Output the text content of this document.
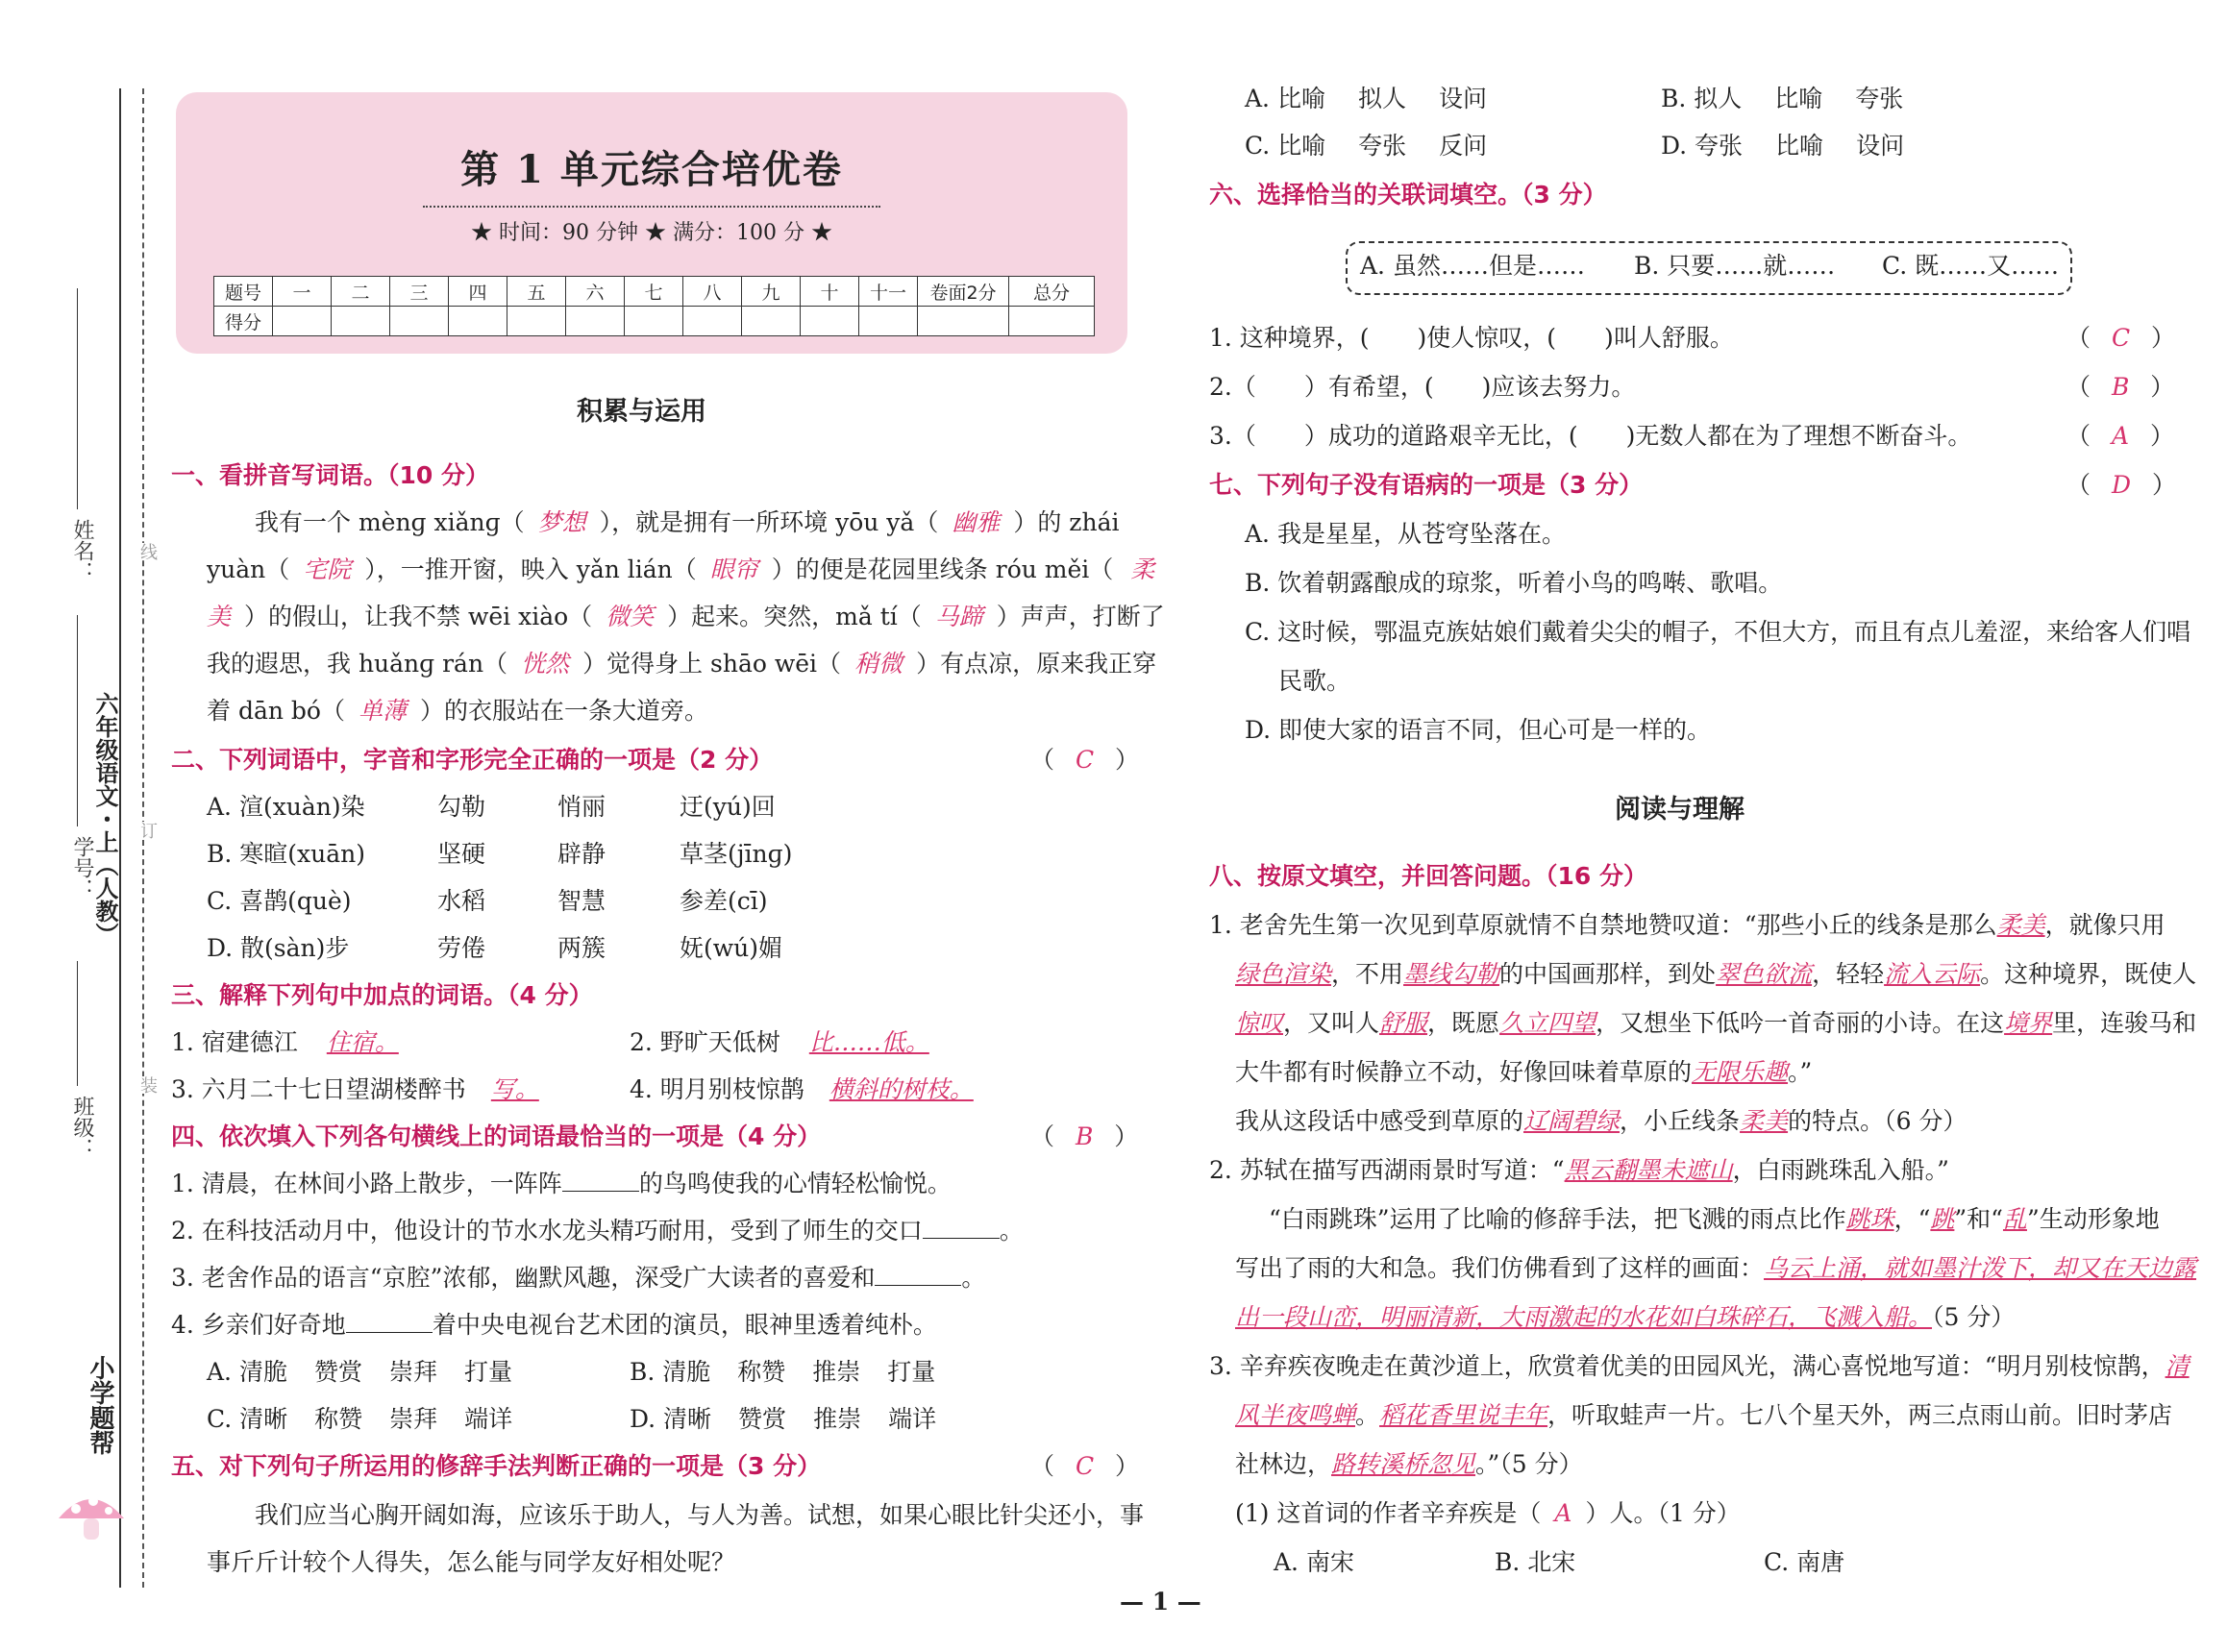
姓名：
学号：
班级：
六年级语文・上（人教）
线
订
装
小学题帮
第 1 单元综合培优卷
★ 时间：90 分钟 ★ 满分：100 分 ★
题号	一	二	三	四	五	六	七	八	九	十	十一	卷面2分	总分
得分													
积累与运用
一、看拼音写词语。（10 分）
我有一个 mènɡ xiǎnɡ（ 梦想 ），就是拥有一所环境 yōu yǎ（ 幽雅 ）的 zhái
yuàn（ 宅院 ），一推开窗，映入 yǎn lián（ 眼帘 ）的便是花园里线条 róu měi（ 柔
美 ）的假山，让我不禁 wēi xiào（ 微笑 ）起来。突然，mǎ tí（ 马蹄 ）声声，打断了
我的遐思，我 huǎnɡ rán（ 恍然 ）觉得身上 shāo wēi（ 稍微 ）有点凉，原来我正穿
着 dān bó（ 单薄 ）的衣服站在一条大道旁。
二、下列词语中，字音和字形完全正确的一项是（2 分）	（ C ）
A. 渲(xuàn)染	勾勒	悄丽	迂(yú)回
B. 寒暄(xuān)	坚硬	辟静	草茎(jīnɡ)
C. 喜鹊(què)	水稻	智慧	参差(cī)
D. 散(sàn)步	劳倦	两簇	妩(wú)媚
三、解释下列句中加点的词语。（4 分）
1. 宿建德江 住宿。	2. 野旷天低树 比……低。
3. 六月二十七日望湖楼醉书 写。	4. 明月别枝惊鹊 横斜的树枝。
四、依次填入下列各句横线上的词语最恰当的一项是（4 分）	（ B ）
1. 清晨，在林间小路上散步，一阵阵	的鸟鸣使我的心情轻松愉悦。
2. 在科技活动月中，他设计的节水水龙头精巧耐用，受到了师生的交口	。
3. 老舍作品的语言“京腔”浓郁，幽默风趣，深受广大读者的喜爱和	。
4. 乡亲们好奇地	着中央电视台艺术团的演员，眼神里透着纯朴。
A. 清脆 赞赏 崇拜 打量	B. 清脆 称赞 推崇 打量
C. 清晰 称赞 崇拜 端详	D. 清晰 赞赏 推崇 端详
五、对下列句子所运用的修辞手法判断正确的一项是（3 分）	（ C ）
我们应当心胸开阔如海，应该乐于助人，与人为善。试想，如果心眼比针尖还小，事
事斤斤计较个人得失，怎么能与同学友好相处呢？
A. 比喻 拟人 设问	B. 拟人 比喻 夸张
C. 比喻 夸张 反问	D. 夸张 比喻 设问
六、选择恰当的关联词填空。（3 分）
A. 虽然……但是…… B. 只要……就…… C. 既……又……
1. 这种境界，(　　)使人惊叹，(　　)叫人舒服。	（ C ）
2.（　　）有希望，(　　)应该去努力。	（ B ）
3.（　　）成功的道路艰辛无比，(　　)无数人都在为了理想不断奋斗。	（ A ）
七、下列句子没有语病的一项是（3 分）	（ D ）
A. 我是星星，从苍穹坠落在。
B. 饮着朝露酿成的琼浆，听着小鸟的鸣啭、歌唱。
C. 这时候，鄂温克族姑娘们戴着尖尖的帽子，不但大方，而且有点儿羞涩，来给客人们唱
民歌。
D. 即使大家的语言不同，但心可是一样的。
阅读与理解
八、按原文填空，并回答问题。（16 分）
1. 老舍先生第一次见到草原就情不自禁地赞叹道：“那些小丘的线条是那么柔美，就像只用
绿色渲染，不用墨线勾勒的中国画那样，到处翠色欲流，轻轻流入云际。这种境界，既使人
惊叹，又叫人舒服，既愿久立四望，又想坐下低吟一首奇丽的小诗。在这境界里，连骏马和
大牛都有时候静立不动，好像回味着草原的无限乐趣。”
我从这段话中感受到草原的辽阔碧绿，小丘线条柔美的特点。（6 分）
2. 苏轼在描写西湖雨景时写道：“黑云翻墨未遮山，白雨跳珠乱入船。”
“白雨跳珠”运用了比喻的修辞手法，把飞溅的雨点比作跳珠，“跳”和“乱”生动形象地
写出了雨的大和急。我们仿佛看到了这样的画面：乌云上涌，就如墨汁泼下，却又在天边露
出一段山峦，明丽清新，大雨激起的水花如白珠碎石，飞溅入船。（5 分）
3. 辛弃疾夜晚走在黄沙道上，欣赏着优美的田园风光，满心喜悦地写道：“明月别枝惊鹊，清
风半夜鸣蝉。稻花香里说丰年，听取蛙声一片。七八个星天外，两三点雨山前。旧时茅店
社林边，路转溪桥忽见。”（5 分）
(1) 这首词的作者辛弃疾是（ A ）人。（1 分）
A. 南宋	B. 北宋	C. 南唐
— 1 —
